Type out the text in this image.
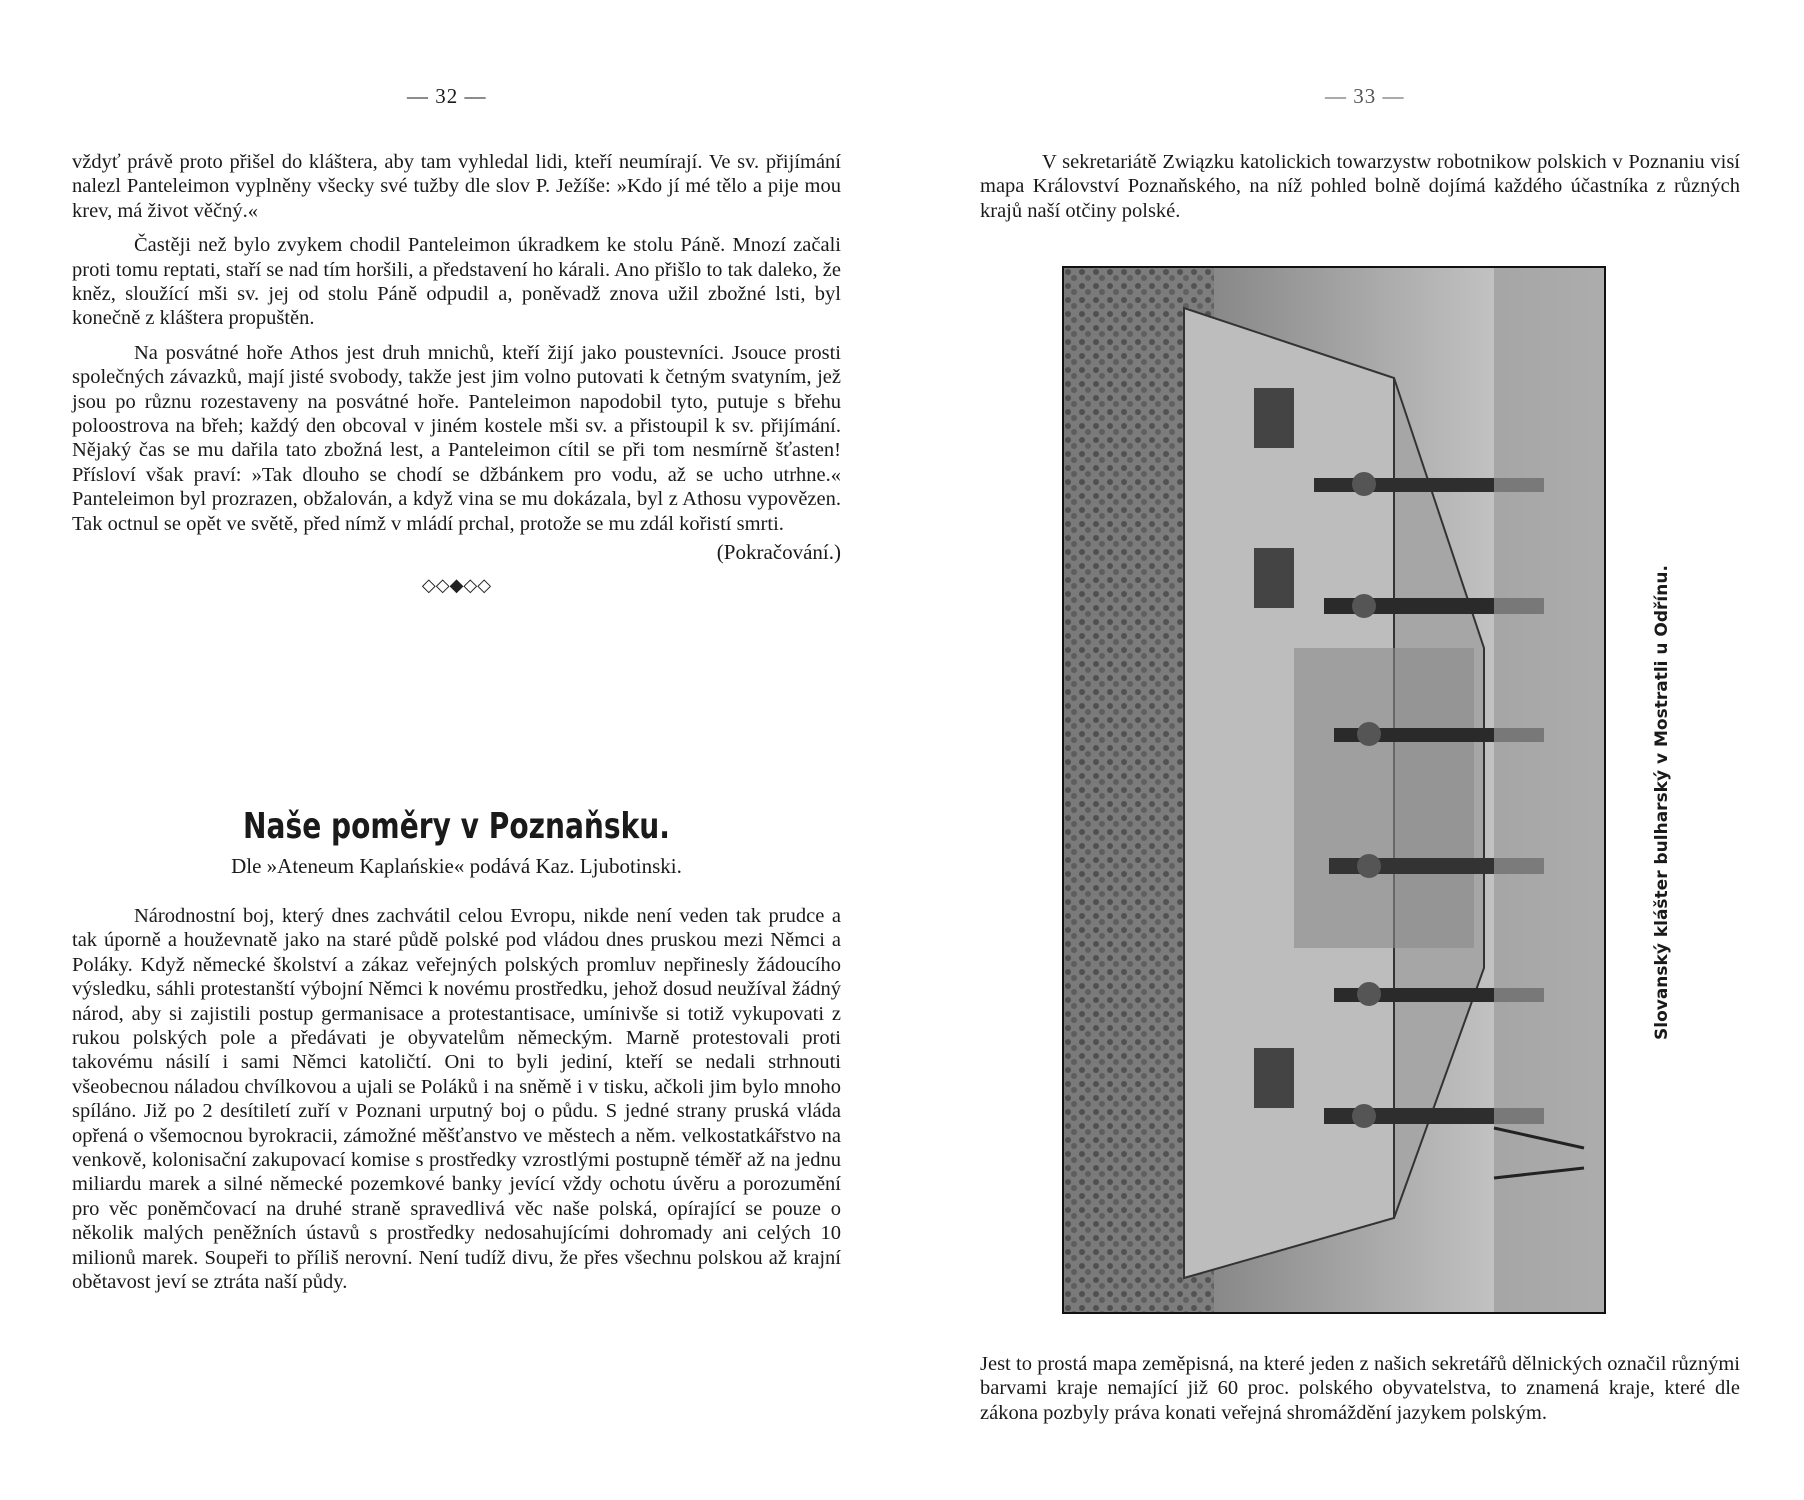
— 32 —

vždyť právě proto přišel do kláštera, aby tam vyhledal lidi, kteří neumírají. Ve sv. přijímání nalezl Panteleimon vyplněny všecky své tužby dle slov P. Ježíše: »Kdo jí mé tělo a pije mou krev, má život věčný.«

Častěji než bylo zvykem chodil Panteleimon úkradkem ke stolu Páně. Mnozí začali proti tomu reptati, staří se nad tím horšili, a představení ho kárali. Ano přišlo to tak daleko, že kněz, sloužící mši sv. jej od stolu Páně odpudil a, poněvadž znova užil zbožné lsti, byl konečně z kláštera propuštěn.

Na posvátné hoře Athos jest druh mnichů, kteří žijí jako poustevníci. Jsouce prosti společných závazků, mají jisté svobody, takže jest jim volno putovati k četným svatyním, jež jsou po různu rozestaveny na posvátné hoře. Panteleimon napodobil tyto, putuje s břehu poloostrova na břeh; každý den obcoval v jiném kostele mši sv. a přistoupil k sv. přijímání. Nějaký čas se mu dařila tato zbožná lest, a Panteleimon cítil se při tom nesmírně šťasten! Přísloví však praví: »Tak dlouho se chodí se džbánkem pro vodu, až se ucho utrhne.« Panteleimon byl prozrazen, obžalován, a když vina se mu dokázala, byl z Athosu vypovězen. Tak octnul se opět ve světě, před nímž v mládí prchal, protože se mu zdál kořistí smrti.

(Pokračování.)
◇◇◆◇◇
Naše poměry v Poznaňsku.
Dle »Ateneum Kaplańskie« podává Kaz. Ljubotinski.

Národnostní boj, který dnes zachvátil celou Evropu, nikde není veden tak prudce a tak úporně a houževnatě jako na staré půdě polské pod vládou dnes pruskou mezi Němci a Poláky. Když německé školství a zákaz veřejných polských promluv nepřinesly žádoucího výsledku, sáhli protestanští výbojní Němci k novému prostředku, jehož dosud neužíval žádný národ, aby si zajistili postup germanisace a protestantisace, umínivše si totiž vykupovati z rukou polských pole a předávati je obyvatelům německým. Marně protestovali proti takovému násilí i sami Němci katoličtí. Oni to byli jediní, kteří se nedali strhnouti všeobecnou náladou chvílkovou a ujali se Poláků i na sněmě i v tisku, ačkoli jim bylo mnoho spíláno. Již po 2 desítiletí zuří v Poznani urputný boj o půdu. S jedné strany pruská vláda opřená o všemocnou byrokracii, zámožné měšťanstvo ve městech a něm. velkostatkářstvo na venkově, kolonisační zakupovací komise s prostředky vzrostlými postupně téměř až na jednu miliardu marek a silné německé pozemkové banky jevící vždy ochotu úvěru a porozumění pro věc poněmčovací na druhé straně spravedlivá věc naše polská, opírající se pouze o několik malých peněžních ústavů s prostředky nedosahujícími dohromady ani celých 10 milionů marek. Soupeři to příliš nerovní. Není tudíž divu, že přes všechnu polskou až krajní obětavost jeví se ztráta naší půdy.

— 33 —

V sekretariátě Związku katolickich towarzystw robotnikow polskich v Poznaniu visí mapa Království Poznaňského, na níž pohled bolně dojímá každého účastníka z různých krajů naší otčiny polské.

Slovanský klášter bulharský v Mostratli u Odřínu.

Jest to prostá mapa zeměpisná, na které jeden z našich sekretářů dělnických označil různými barvami kraje nemající již 60 proc. polského obyvatelstva, to znamená kraje, které dle zákona pozbyly práva konati veřejná shromáždění jazykem polským.
